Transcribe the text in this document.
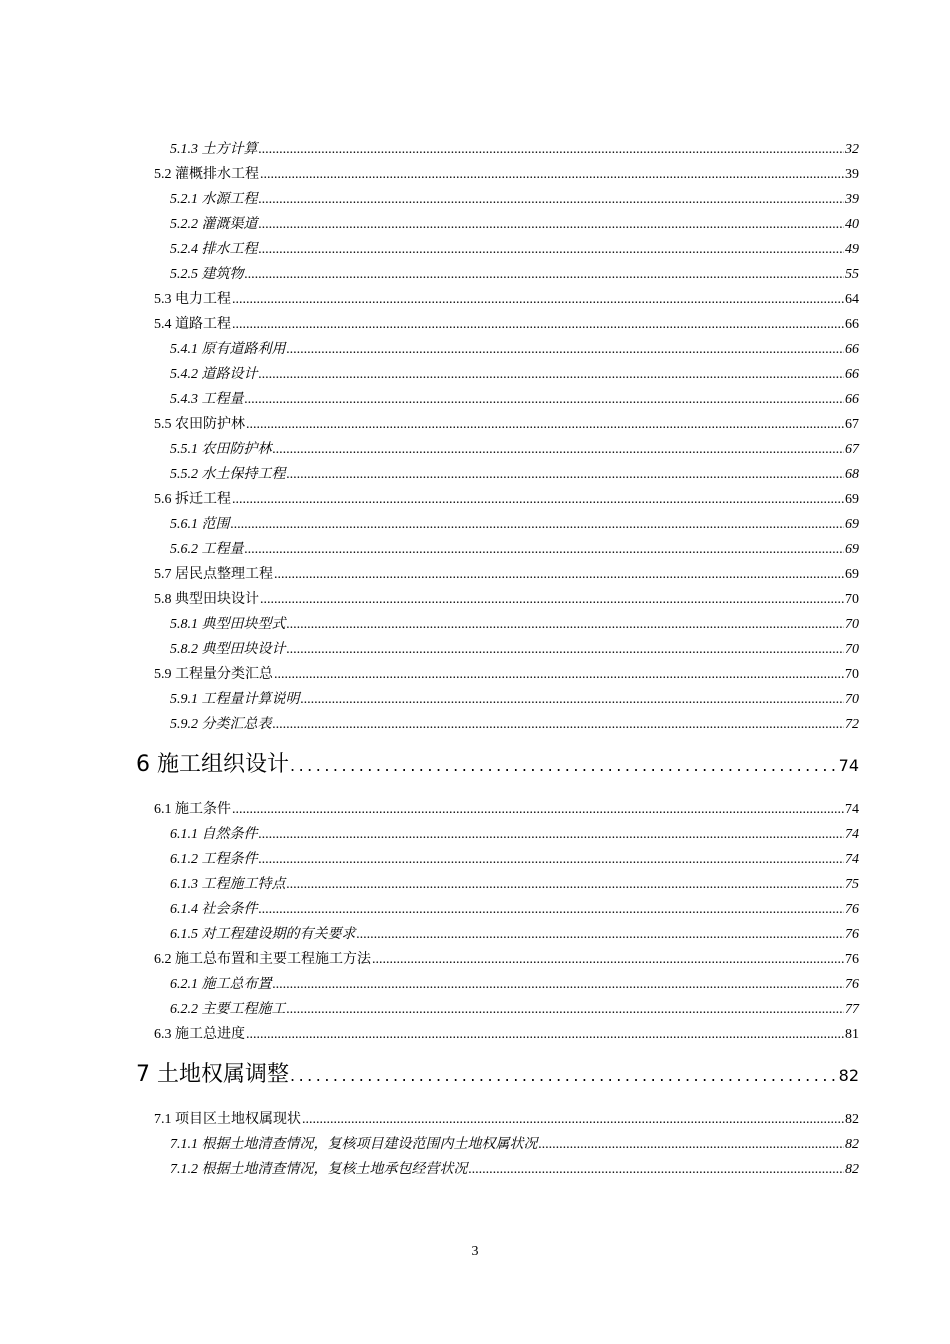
5.1.3 土方计算 .....	32
5.2 灌概排水工程 .....	39
5.2.1 水源工程 .....	39
5.2.2 灌溉渠道 .....	40
5.2.4 排水工程 .....	49
5.2.5 建筑物 .....	55
5.3 电力工程 .....	64
5.4 道路工程 .....	66
5.4.1 原有道路利用 .....	66
5.4.2 道路设计 .....	66
5.4.3 工程量 .....	66
5.5 农田防护林 .....	67
5.5.1 农田防护林 .....	67
5.5.2 水土保持工程 .....	68
5.6 拆迁工程 .....	69
5.6.1 范围 .....	69
5.6.2 工程量 .....	69
5.7 居民点整理工程 .....	69
5.8 典型田块设计 .....	70
5.8.1 典型田块型式 .....	70
5.8.2 典型田块设计 .....	70
5.9 工程量分类汇总 .....	70
5.9.1 工程量计算说明 .....	70
5.9.2 分类汇总表 .....	72
6 施工组织设计 .....	74
6.1 施工条件 .....	74
6.1.1 自然条件 .....	74
6.1.2 工程条件 .....	74
6.1.3 工程施工特点 .....	75
6.1.4 社会条件 .....	76
6.1.5 对工程建设期的有关要求 .....	76
6.2 施工总布置和主要工程施工方法 .....	76
6.2.1 施工总布置 .....	76
6.2.2 主要工程施工 .....	77
6.3 施工总进度 .....	81
7 土地权属调整 .....	82
7.1 项目区土地权属现状 .....	82
7.1.1 根据土地清查情况，复核项目建设范围内土地权属状况 .....	82
7.1.2 根据土地清查情况，复核土地承包经营状况 .....	82
3
